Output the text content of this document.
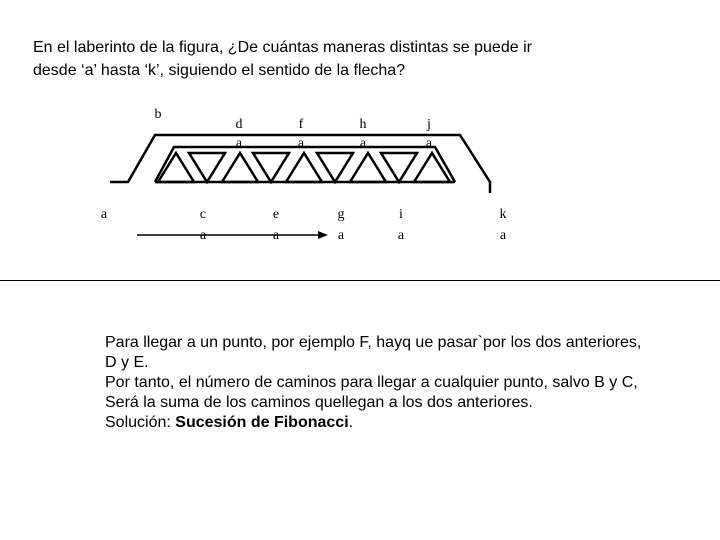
En el laberinto de la figura, ¿De cuántas maneras distintas se puede ir
desde ‘a’ hasta ‘k’, siguiendo el sentido de la flecha?
b
d
a
f
a
h
a
j
a
a	c
a
e
a
g
a
i
a
k
a
Para llegar a un punto, por ejemplo F, hayq ue pasar`por los dos anteriores,
D y E.
Por tanto, el número de caminos para llegar a cualquier punto, salvo B y C,
Será la suma de los caminos quellegan a los dos anteriores.
Solución: Sucesión de Fibonacci.
